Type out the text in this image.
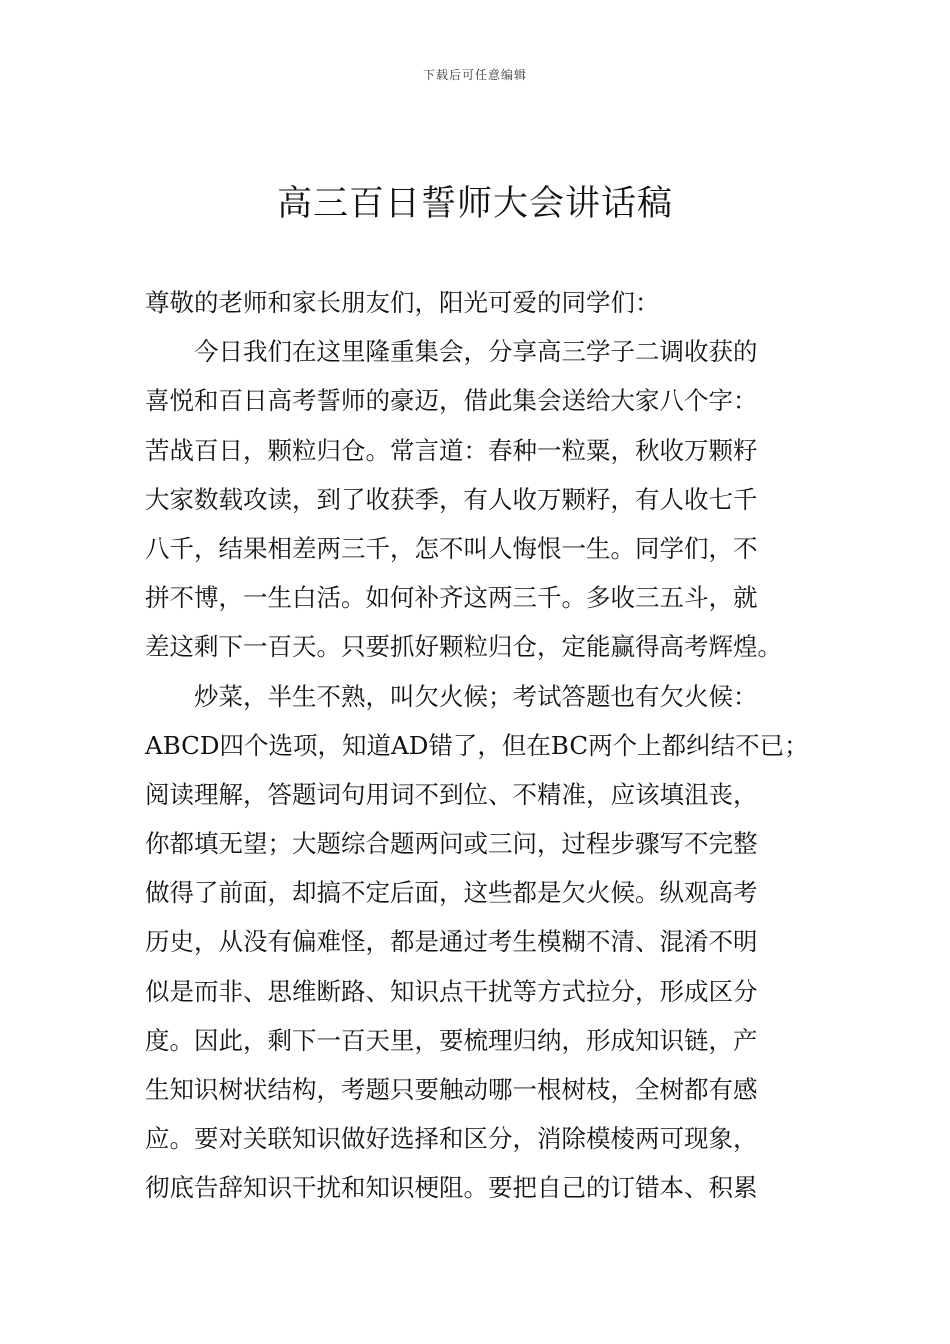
下载后可任意编辑
高三百日誓师大会讲话稿
尊敬的老师和家长朋友们，阳光可爱的同学们：
今日我们在这里隆重集会，分享高三学子二调收获的
喜悦和百日高考誓师的豪迈，借此集会送给大家八个字：
苦战百日，颗粒归仓。常言道：春种一粒粟，秋收万颗籽
大家数载攻读，到了收获季，有人收万颗籽，有人收七千
八千，结果相差两三千，怎不叫人悔恨一生。同学们，不
拼不博，一生白活。如何补齐这两三千。多收三五斗，就
差这剩下一百天。只要抓好颗粒归仓，定能赢得高考辉煌。
炒菜，半生不熟，叫欠火候；考试答题也有欠火候：
ABCD四个选项，知道AD错了，但在BC两个上都纠结不已；
阅读理解，答题词句用词不到位、不精准，应该填沮丧，
你都填无望；大题综合题两问或三问，过程步骤写不完整
做得了前面，却搞不定后面，这些都是欠火候。纵观高考
历史，从没有偏难怪，都是通过考生模糊不清、混淆不明
似是而非、思维断路、知识点干扰等方式拉分，形成区分
度。因此，剩下一百天里，要梳理归纳，形成知识链，产
生知识树状结构，考题只要触动哪一根树枝，全树都有感
应。要对关联知识做好选择和区分，消除模棱两可现象，
彻底告辞知识干扰和知识梗阻。要把自己的订错本、积累
